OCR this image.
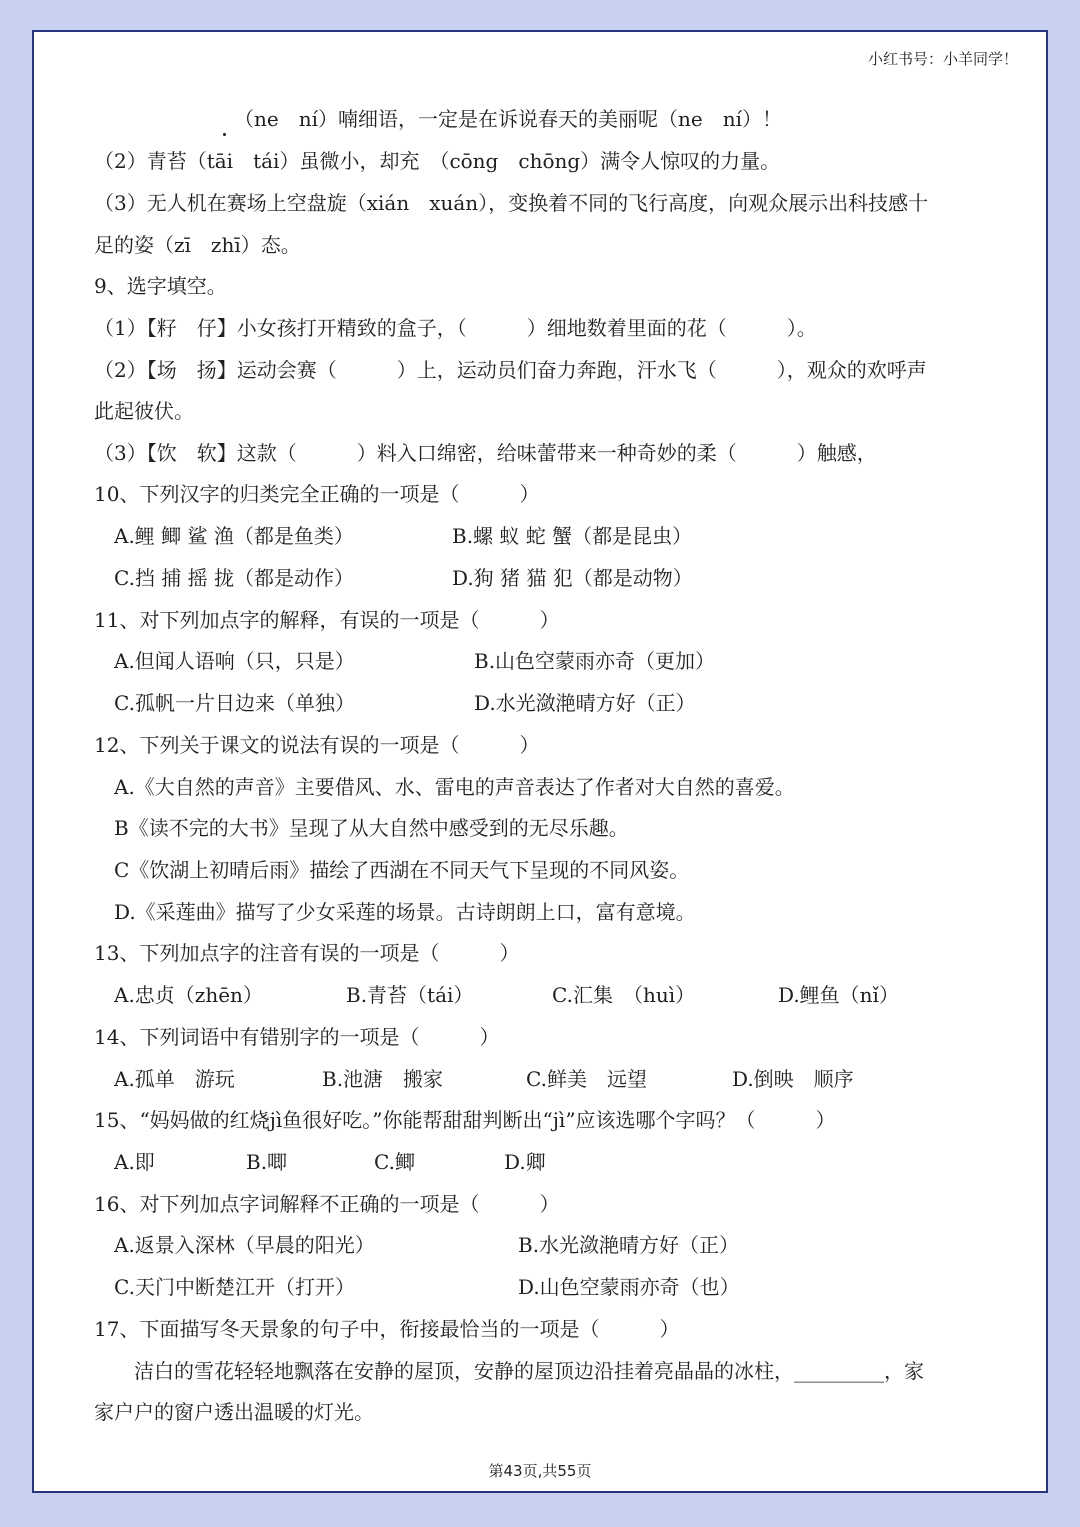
小红书号：小羊同学！
（ne　ní）喃细语，一定是在诉说春天的美丽呢（ne　ní）！
（2）青苔（tāi　tái）虽微小，却充　（cōng　chōng）满令人惊叹的力量。
（3）无人机在赛场上空盘旋（xián　xuán），变换着不同的飞行高度，向观众展示出科技感十
足的姿（zī　zhī）态。
9、选字填空。
（1）【籽　仔】小女孩打开精致的盒子，（　　　）细地数着里面的花（　　　）。
（2）【场　扬】运动会赛（　　　）上，运动员们奋力奔跑，汗水飞（　　　），观众的欢呼声
此起彼伏。
（3）【饮　软】这款（　　　）料入口绵密，给味蕾带来一种奇妙的柔（　　　）触感，
10、下列汉字的归类完全正确的一项是（　　　）
A.鲤 鲫 鲨 渔（都是鱼类）	B.螺 蚁 蛇 蟹（都是昆虫）
C.挡 捕 摇 拢（都是动作）	D.狗 猪 猫 犯（都是动物）
11、对下列加点字的解释，有误的一项是（　　　）
A.但闻人语响（只，只是）	B.山色空蒙雨亦奇（更加）
C.孤帆一片日边来（单独）	D.水光潋滟晴方好（正）
12、下列关于课文的说法有误的一项是（　　　）
A.《大自然的声音》主要借风、水、雷电的声音表达了作者对大自然的喜爱。
B《读不完的大书》呈现了从大自然中感受到的无尽乐趣。
C《饮湖上初晴后雨》描绘了西湖在不同天气下呈现的不同风姿。
D.《采莲曲》描写了少女采莲的场景。古诗朗朗上口，富有意境。
13、下列加点字的注音有误的一项是（　　　）
A.忠贞（zhēn）	B.青苔（tái）	C.汇集　（huì）	D.鲤鱼（nǐ）
14、下列词语中有错别字的一项是（　　　）
A.孤单　游玩	B.池溏　搬家	C.鲜美　远望	D.倒映　顺序
15、“妈妈做的红烧jì鱼很好吃。”你能帮甜甜判断出“jì”应该选哪个字吗？（　　　）
A.即	B.唧	C.鲫	D.卿
16、对下列加点字词解释不正确的一项是（　　　）
A.返景入深林（早晨的阳光）	B.水光潋滟晴方好（正）
C.天门中断楚江开（打开）	D.山色空蒙雨亦奇（也）
17、下面描写冬天景象的句子中，衔接最恰当的一项是（　　　）
洁白的雪花轻轻地飘落在安静的屋顶，安静的屋顶边沿挂着亮晶晶的冰柱，_________，家
家户户的窗户透出温暖的灯光。
第43页,共55页
